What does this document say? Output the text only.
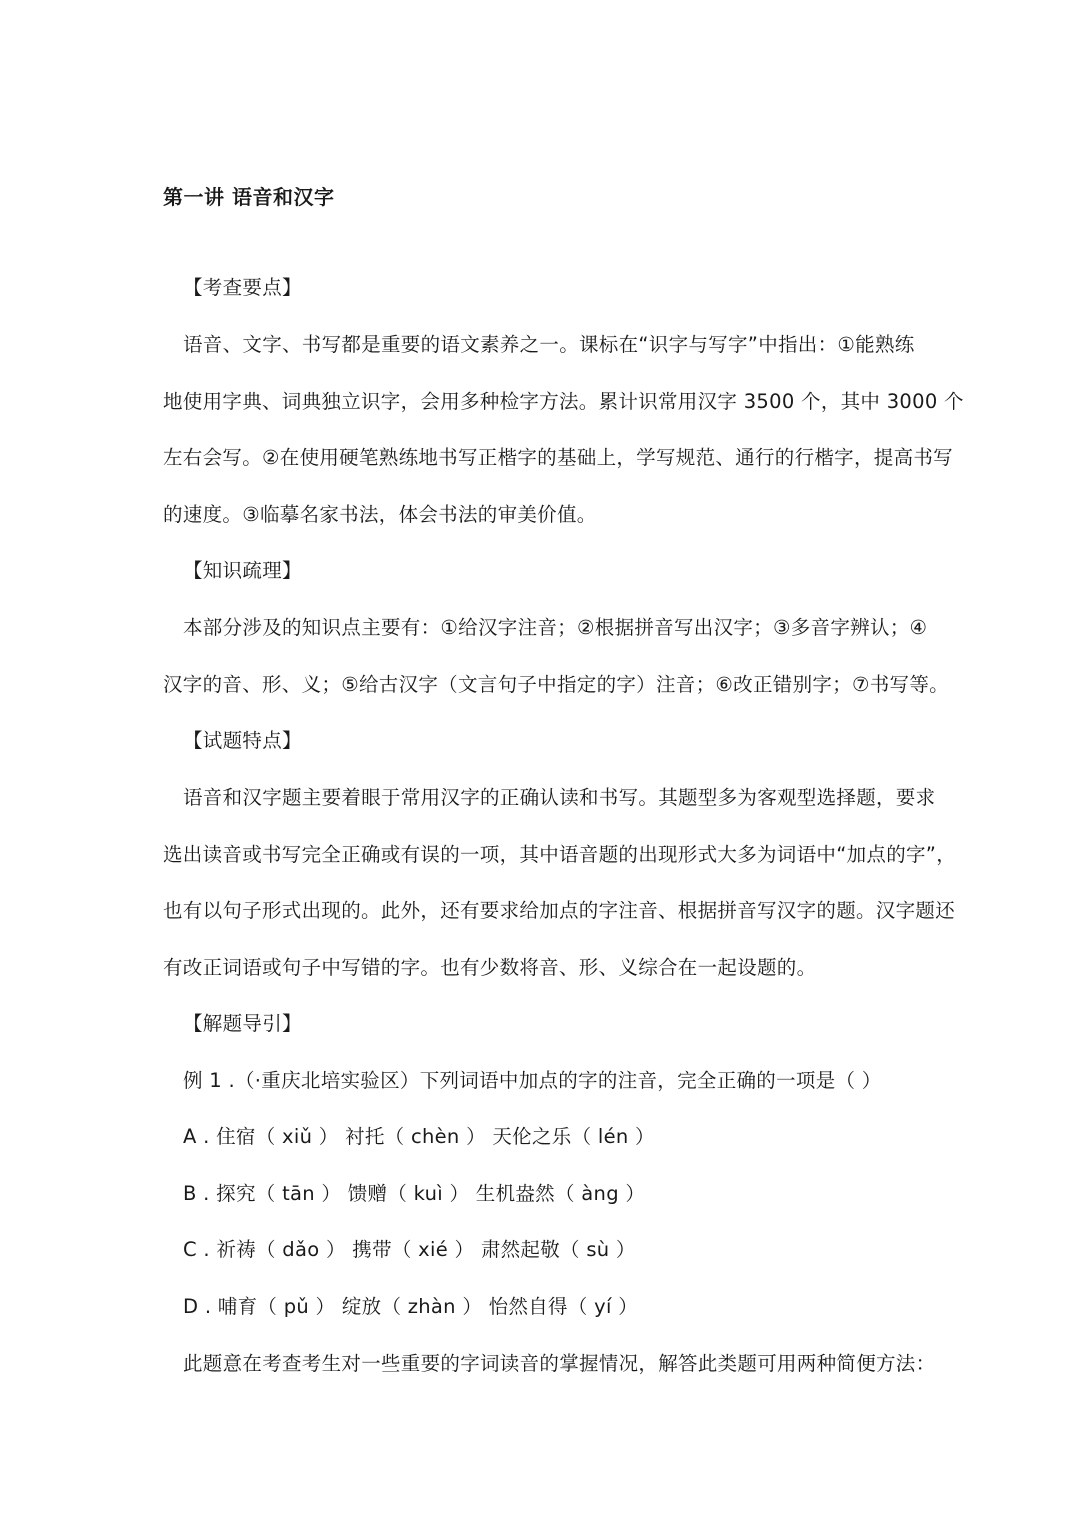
第一讲 语音和汉字

【考查要点】

语音、文字、书写都是重要的语文素养之一。课标在“识字与写字”中指出：①能熟练

地使用字典、词典独立识字，会用多种检字方法。累计识常用汉字 3500 个，其中 3000 个

左右会写。②在使用硬笔熟练地书写正楷字的基础上，学写规范、通行的行楷字，提高书写

的速度。③临摹名家书法，体会书法的审美价值。

【知识疏理】

本部分涉及的知识点主要有：①给汉字注音；②根据拼音写出汉字；③多音字辨认；④

汉字的音、形、义；⑤给古汉字（文言句子中指定的字）注音；⑥改正错别字；⑦书写等。

【试题特点】

语音和汉字题主要着眼于常用汉字的正确认读和书写。其题型多为客观型选择题，要求

选出读音或书写完全正确或有误的一项，其中语音题的出现形式大多为词语中“加点的字”，

也有以句子形式出现的。此外，还有要求给加点的字注音、根据拼音写汉字的题。汉字题还

有改正词语或句子中写错的字。也有少数将音、形、义综合在一起设题的。

【解题导引】

例 1 .（·重庆北培实验区）下列词语中加点的字的注音，完全正确的一项是（ ）

A . 住宿（ xiǔ ） 衬托（ chèn ） 天伦之乐（ lén ）

B . 探究（ tān ） 馈赠（ kuì ） 生机盎然（ àng ）

C . 祈祷（ dǎo ） 携带（ xié ） 肃然起敬（ sù ）

D . 哺育（ pǔ ） 绽放（ zhàn ） 怡然自得（ yí ）

此题意在考查考生对一些重要的字词读音的掌握情况，解答此类题可用两种简便方法：
